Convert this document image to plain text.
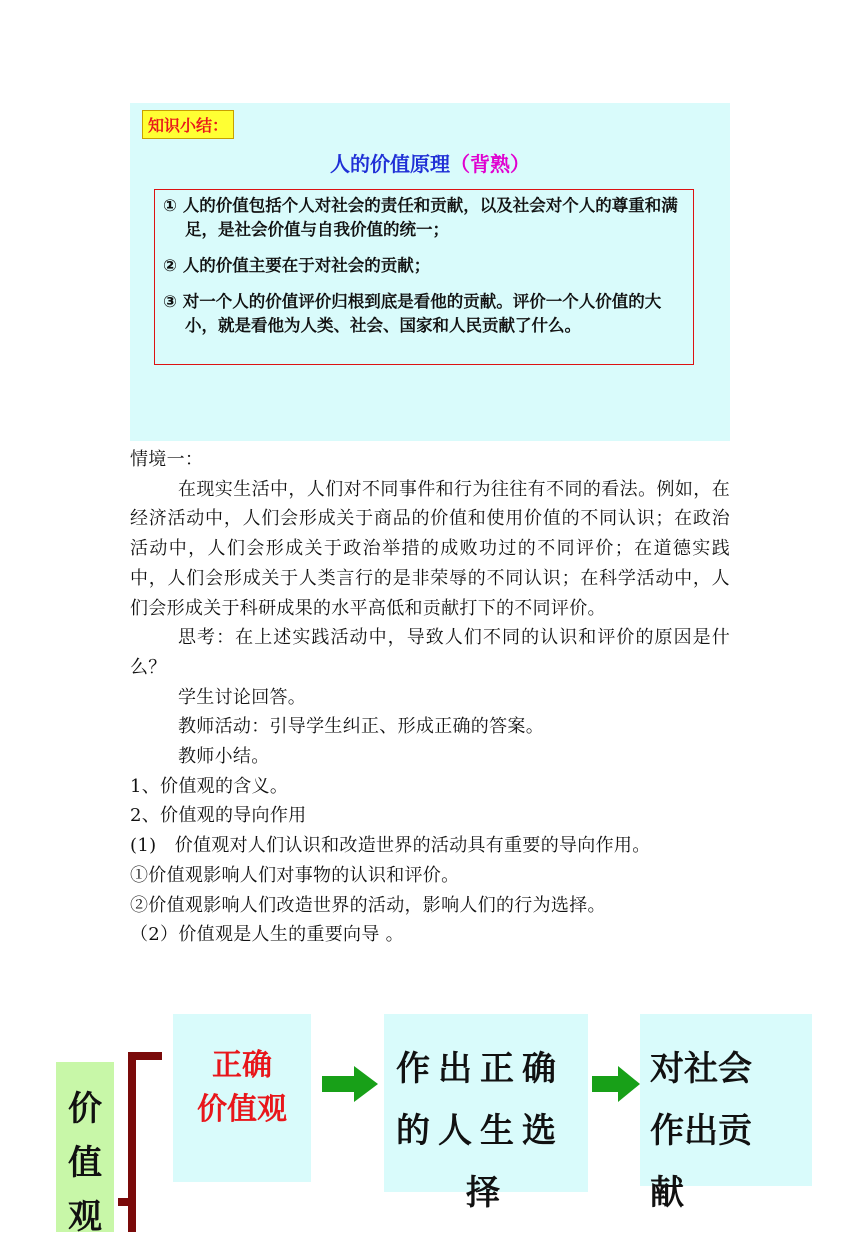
知识小结：
人的价值原理（背熟）

① 人的价值包括个人对社会的责任和贡献，以及社会对个人的尊重和满足，是社会价值与自我价值的统一；

② 人的价值主要在于对社会的贡献；

③ 对一个人的价值评价归根到底是看他的贡献。评价一个人价值的大小，就是看他为人类、社会、国家和人民贡献了什么。

情境一：

在现实生活中，人们对不同事件和行为往往有不同的看法。例如，在经济活动中，人们会形成关于商品的价值和使用价值的不同认识；在政治活动中，人们会形成关于政治举措的成败功过的不同评价；在道德实践中，人们会形成关于人类言行的是非荣辱的不同认识；在科学活动中，人们会形成关于科研成果的水平高低和贡献打下的不同评价。

思考：在上述实践活动中，导致人们不同的认识和评价的原因是什么？

学生讨论回答。

教师活动：引导学生纠正、形成正确的答案。

教师小结。

1、价值观的含义。

2、价值观的导向作用

(1)　价值观对人们认识和改造世界的活动具有重要的导向作用。

①价值观影响人们对事物的认识和评价。

②价值观影响人们改造世界的活动，影响人们的行为选择。

（2）价值观是人生的重要向导 。

价
值
观
正确
价值观
作出正确
的人生选
择
对社会
作出贡
献
